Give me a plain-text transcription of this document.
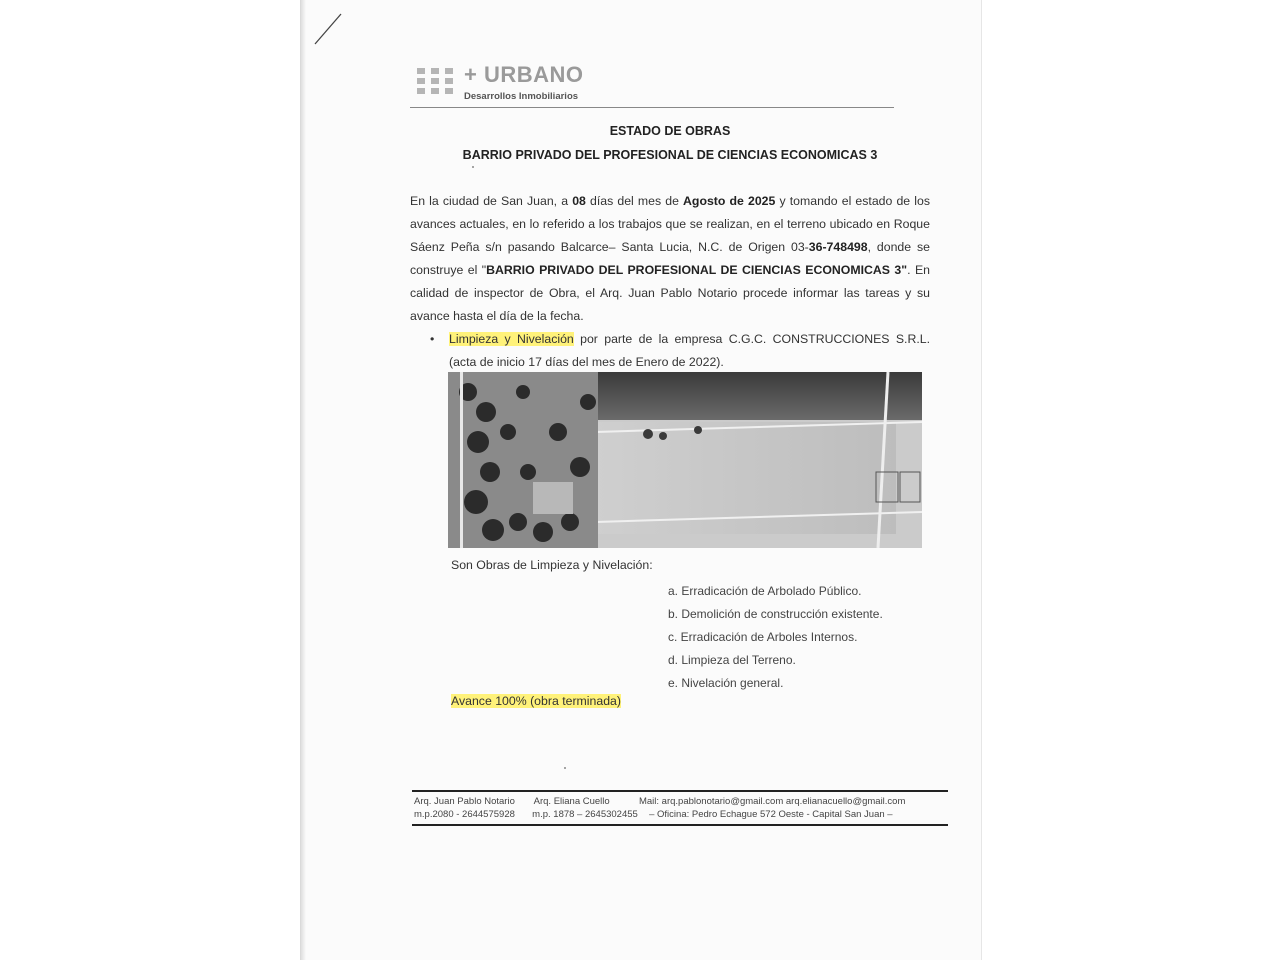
+ URBANO
Desarrollos Inmobiliarios
ESTADO DE OBRAS
BARRIO PRIVADO DEL PROFESIONAL DE CIENCIAS ECONOMICAS 3
En la ciudad de San Juan, a 08 días del mes de Agosto de 2025 y tomando el estado de los avances actuales, en lo referido a los trabajos que se realizan, en el terreno ubicado en Roque Sáenz Peña s/n pasando Balcarce– Santa Lucia, N.C. de Origen 03-36-748498, donde se construye el "BARRIO PRIVADO DEL PROFESIONAL DE CIENCIAS ECONOMICAS 3". En calidad de inspector de Obra, el Arq. Juan Pablo Notario procede informar las tareas y su avance hasta el día de la fecha.
• Limpieza y Nivelación por parte de la empresa C.G.C. CONSTRUCCIONES S.R.L. (acta de inicio 17 días del mes de Enero de 2022).
Son Obras de Limpieza y Nivelación:
a. Erradicación de Arbolado Público.
b. Demolición de construcción existente.
c. Erradicación de Arboles Internos.
d. Limpieza del Terreno.
e. Nivelación general.
Avance 100% (obra terminada)
Arq. Juan Pablo Notario Arq. Eliana Cuello	Mail: arq.pablonotario@gmail.com arq.elianacuello@gmail.com
m.p.2080 - 2644575928 m.p. 1878 – 2645302455 – Oficina: Pedro Echague 572 Oeste - Capital San Juan –
